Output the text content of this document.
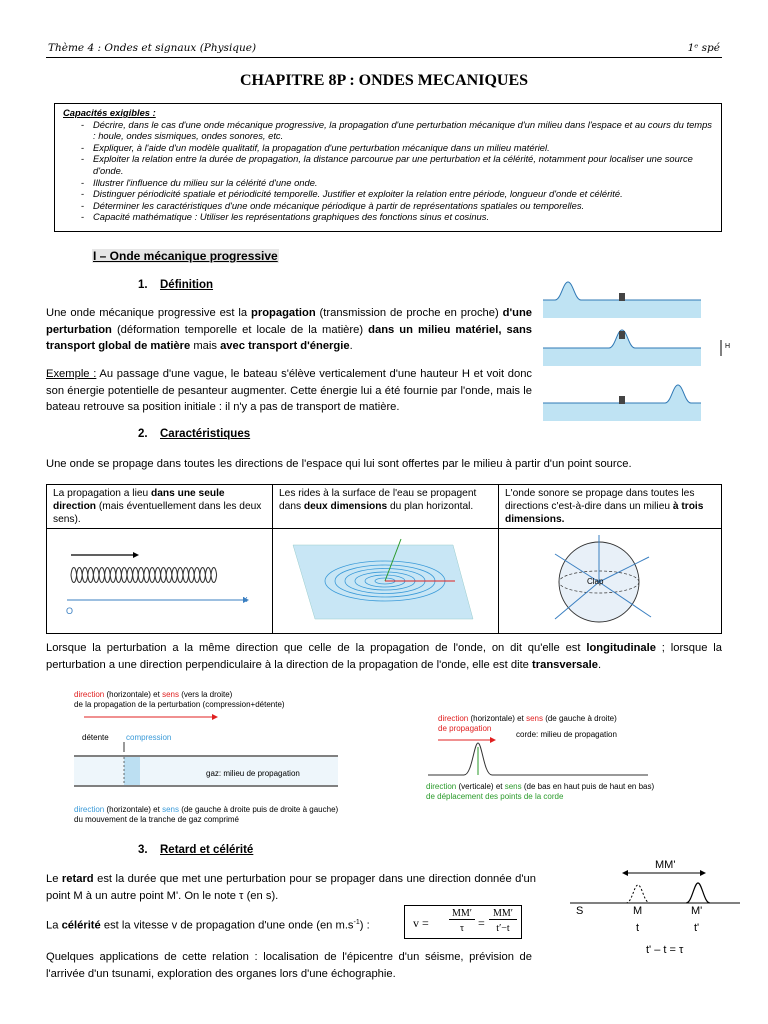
Thème 4 : Ondes et signaux (Physique)	1ᵉ spé
CHAPITRE 8P : ONDES MECANIQUES
Capacités exigibles :
- Décrire, dans le cas d'une onde mécanique progressive, la propagation d'une perturbation mécanique d'un milieu dans l'espace et au cours du temps : houle, ondes sismiques, ondes sonores, etc.
- Expliquer, à l'aide d'un modèle qualitatif, la propagation d'une perturbation mécanique dans un milieu matériel.
- Exploiter la relation entre la durée de propagation, la distance parcourue par une perturbation et la célérité, notamment pour localiser une source d'onde.
- Illustrer l'influence du milieu sur la célérité d'une onde.
- Distinguer périodicité spatiale et périodicité temporelle. Justifier et exploiter la relation entre période, longueur d'onde et célérité.
- Déterminer les caractéristiques d'une onde mécanique périodique à partir de représentations spatiales ou temporelles.
- Capacité mathématique : Utiliser les représentations graphiques des fonctions sinus et cosinus.
I – Onde mécanique progressive
1. Définition
Une onde mécanique progressive est la propagation (transmission de proche en proche) d'une perturbation (déformation temporelle et locale de la matière) dans un milieu matériel, sans transport global de matière mais avec transport d'énergie.
Exemple : Au passage d'une vague, le bateau s'élève verticalement d'une hauteur H et voit donc son énergie potentielle de pesanteur augmenter. Cette énergie lui a été fournie par l'onde, mais le bateau retrouve sa position initiale : il n'y a pas de transport de matière.
H
2. Caractéristiques
Une onde se propage dans toutes les directions de l'espace qui lui sont offertes par le milieu à partir d'un point source.
La propagation a lieu dans une seule direction (mais éventuellement dans les deux sens).	Les rides à la surface de l'eau se propagent dans deux dimensions du plan horizontal.	L'onde sonore se propage dans toutes les directions c'est-à-dire dans un milieu à trois dimensions.

O
x		Clap
Lorsque la perturbation a la même direction que celle de la propagation de l'onde, on dit qu'elle est longitudinale ; lorsque la perturbation a une direction perpendiculaire à la direction de la propagation de l'onde, elle est dite transversale.
direction (horizontale) et sens (vers la droite)
de la propagation de la perturbation (compression+détente)
détente compression
gaz: milieu de propagation
direction (horizontale) et sens (de gauche à droite puis de droite à gauche)
du mouvement de la tranche de gaz comprimé
direction (horizontale) et sens (de gauche à droite)
de propagation
corde: milieu de propagation
direction (verticale) et sens (de bas en haut puis de haut en bas)
de déplacement des points de la corde
3. Retard et célérité
Le retard est la durée que met une perturbation pour se propager dans une direction donnée d'un point M à un autre point M'. On le note τ (en s).
La célérité est la vitesse v de propagation d'une onde (en $m.s^{-1}$) :	v =
MM′
τ	=
MM′
t′−t
Quelques applications de cette relation : localisation de l'épicentre d'un séisme, prévision de l'arrivée d'un tsunami, exploration des organes lors d'une échographie.
MM'
S	M	M'
t	t'
t' – t = τ
